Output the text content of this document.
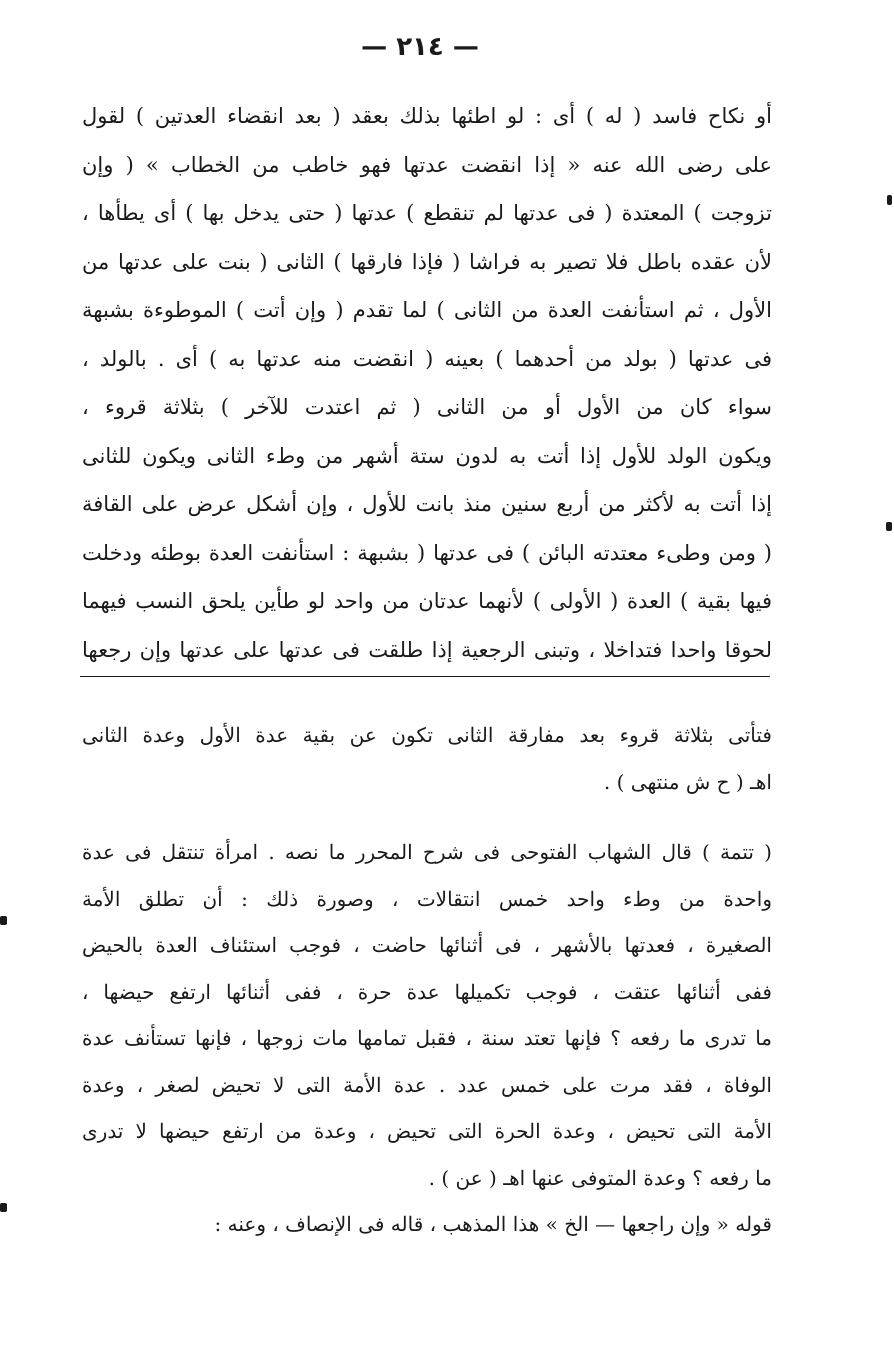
— ٢١٤ —
أو نكاح فاسد ( له ) أى : لو اطئها بذلك بعقد ( بعد انقضاء العدتين ) لقول
على رضى الله عنه « إذا انقضت عدتها فهو خاطب من الخطاب » ( وإن
تزوجت ) المعتدة ( فى عدتها لم تنقطع ) عدتها ( حتى يدخل بها ) أى يطأها ،
لأن عقده باطل فلا تصير به فراشا ( فإذا فارقها ) الثانى ( بنت على عدتها من
الأول ، ثم استأنفت العدة من الثانى ) لما تقدم ( وإن أتت ) الموطوءة بشبهة
فى عدتها ( بولد من أحدهما ) بعينه ( انقضت منه عدتها به ) أى . بالولد ،
سواء كان من الأول أو من الثانى ( ثم اعتدت للآخر ) بثلاثة قروء ،
ويكون الولد للأول إذا أتت به لدون ستة أشهر من وطء الثانى ويكون للثانى
إذا أتت به لأكثر من أربع سنين منذ بانت للأول ، وإن أشكل عرض على القافة
( ومن وطىء معتدته البائن ) فى عدتها ( بشبهة : استأنفت العدة بوطئه ودخلت
فيها بقية ) العدة ( الأولى ) لأنهما عدتان من واحد لو طأين يلحق النسب فيهما
لحوقا واحدا فتداخلا ، وتبنى الرجعية إذا طلقت فى عدتها على عدتها وإن رجعها
فتأتى بثلاثة قروء بعد مفارقة الثانى تكون عن بقية عدة الأول وعدة الثانى
اهـ ( ح ش منتهى ) .
( تتمة ) قال الشهاب الفتوحى فى شرح المحرر ما نصه . امرأة تنتقل فى عدة
واحدة من وطء واحد خمس انتقالات ، وصورة ذلك : أن تطلق الأمة
الصغيرة ، فعدتها بالأشهر ، فى أثنائها حاضت ، فوجب استئناف العدة بالحيض
ففى أثنائها عتقت ، فوجب تكميلها عدة حرة ، ففى أثنائها ارتفع حيضها ،
ما تدرى ما رفعه ؟ فإنها تعتد سنة ، فقبل تمامها مات زوجها ، فإنها تستأنف عدة
الوفاة ، فقد مرت على خمس عدد . عدة الأمة التى لا تحيض لصغر ، وعدة
الأمة التى تحيض ، وعدة الحرة التى تحيض ، وعدة من ارتفع حيضها لا تدرى
ما رفعه ؟ وعدة المتوفى عنها اهـ ( عن ) .
قوله « وإن راجعها — الخ » هذا المذهب ، قاله فى الإنصاف ، وعنه :
